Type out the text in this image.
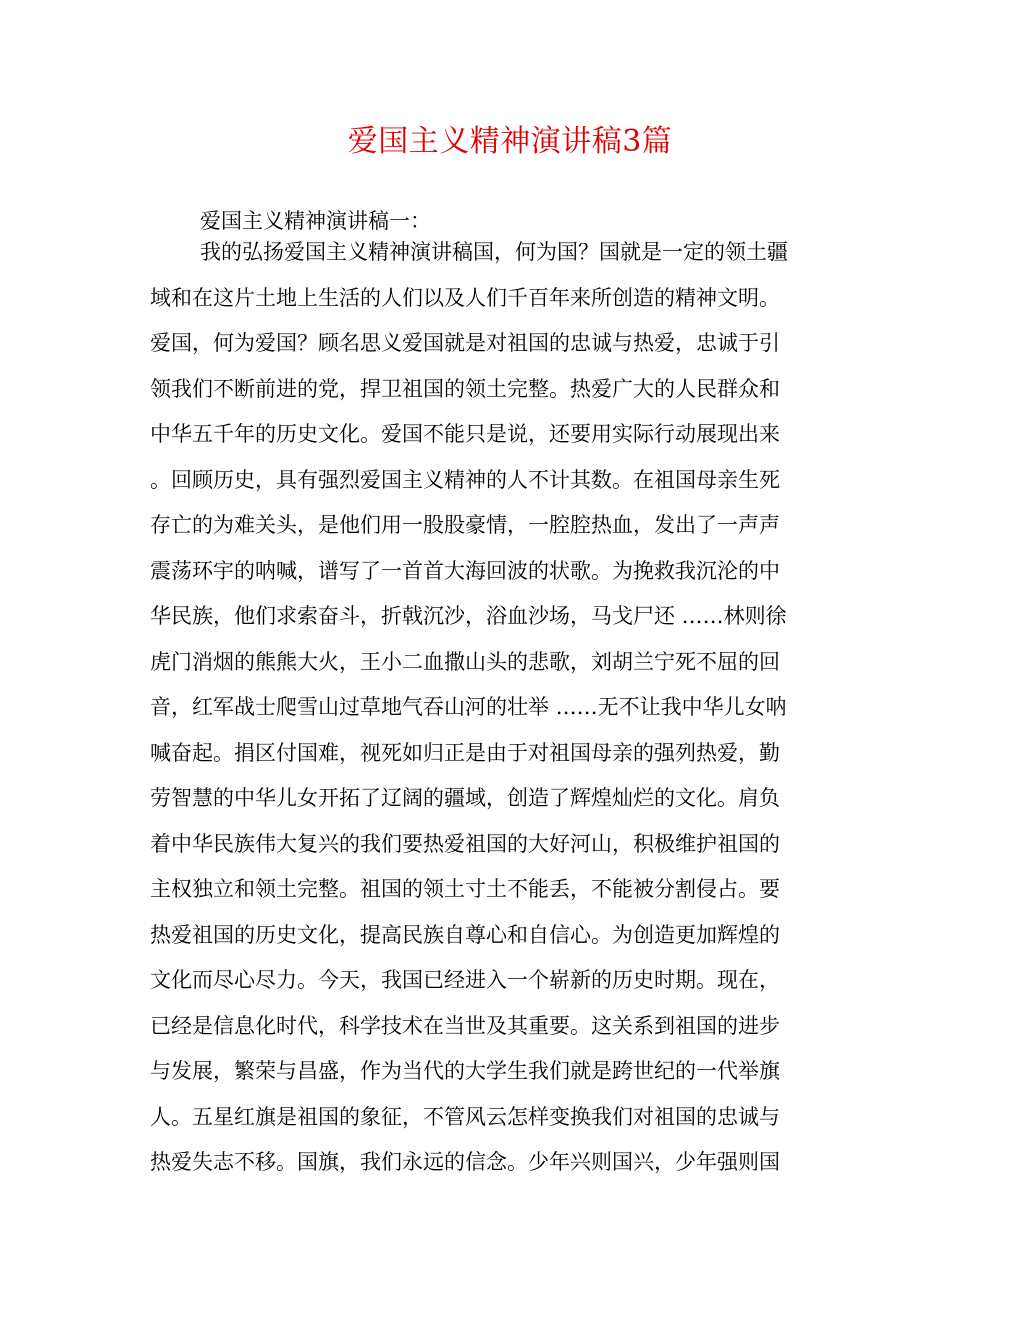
爱国主义精神演讲稿3篇
爱国主义精神演讲稿一：
我的弘扬爱国主义精神演讲稿国，何为国？国就是一定的领土疆
域和在这片土地上生活的人们以及人们千百年来所创造的精神文明。
爱国，何为爱国？顾名思义爱国就是对祖国的忠诚与热爱，忠诚于引
领我们不断前进的党，捍卫祖国的领土完整。热爱广大的人民群众和
中华五千年的历史文化。爱国不能只是说，还要用实际行动展现出来
。回顾历史，具有强烈爱国主义精神的人不计其数。在祖国母亲生死
存亡的为难关头，是他们用一股股豪情，一腔腔热血，发出了一声声
震荡环宇的呐喊，谱写了一首首大海回波的状歌。为挽救我沉沦的中
华民族，他们求索奋斗，折戟沉沙，浴血沙场，马戈尸还 ……林则徐
虎门消烟的熊熊大火，王小二血撒山头的悲歌，刘胡兰宁死不屈的回
音，红军战士爬雪山过草地气吞山河的壮举 ……无不让我中华儿女呐
喊奋起。捐区付国难，视死如归正是由于对祖国母亲的强列热爱，勤
劳智慧的中华儿女开拓了辽阔的疆域，创造了辉煌灿烂的文化。肩负
着中华民族伟大复兴的我们要热爱祖国的大好河山，积极维护祖国的
主权独立和领土完整。祖国的领土寸土不能丢，不能被分割侵占。要
热爱祖国的历史文化，提高民族自尊心和自信心。为创造更加辉煌的
文化而尽心尽力。今天，我国已经进入一个崭新的历史时期。现在，
已经是信息化时代，科学技术在当世及其重要。这关系到祖国的进步
与发展，繁荣与昌盛，作为当代的大学生我们就是跨世纪的一代举旗
人。五星红旗是祖国的象征，不管风云怎样变换我们对祖国的忠诚与
热爱失志不移。国旗，我们永远的信念。少年兴则国兴，少年强则国
